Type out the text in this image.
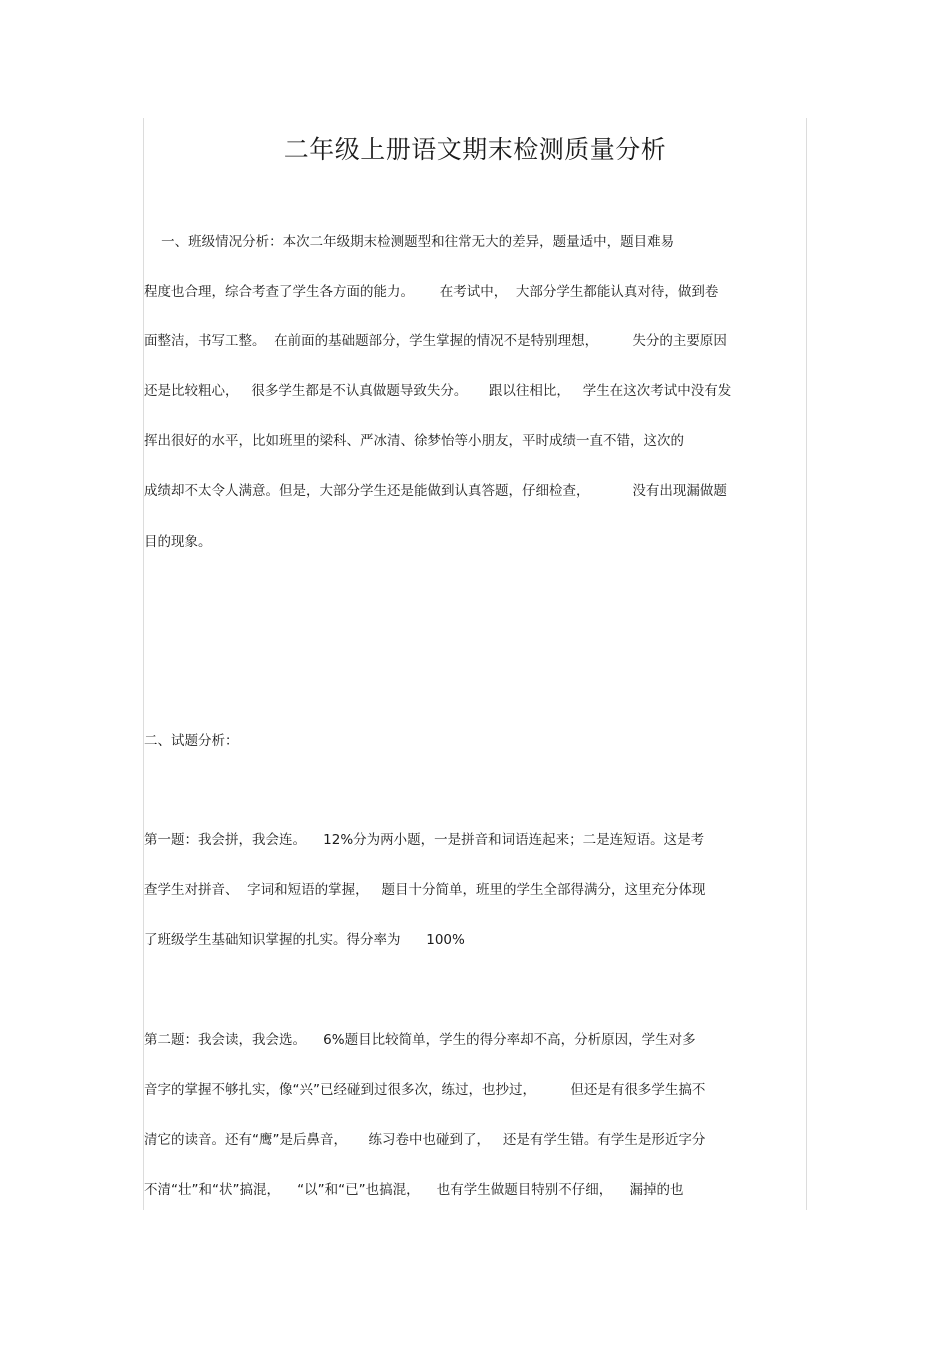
二年级上册语文期末检测质量分析
一、班级情况分析：本次二年级期末检测题型和往常无大的差异，题量适中，题目难易
程度也合理，综合考查了学生各方面的能力。      在考试中，  大部分学生都能认真对待，做到卷
面整洁，书写工整。  在前面的基础题部分，学生掌握的情况不是特别理想，        失分的主要原因
还是比较粗心，   很多学生都是不认真做题导致失分。     跟以往相比，   学生在这次考试中没有发
挥出很好的水平，比如班里的梁科、严冰清、徐梦怡等小朋友，平时成绩一直不错，这次的
成绩却不太令人满意。但是，大部分学生还是能做到认真答题，仔细检查，          没有出现漏做题
目的现象。
二、试题分析：
第一题：我会拼，我会连。    12%分为两小题，一是拼音和词语连起来；二是连短语。这是考
查学生对拼音、  字词和短语的掌握，   题目十分简单，班里的学生全部得满分，这里充分体现
了班级学生基础知识掌握的扎实。得分率为      100%
第二题：我会读，我会选。    6%题目比较简单，学生的得分率却不高，分析原因，学生对多
音字的掌握不够扎实，像“兴”已经碰到过很多次，练过，也抄过，        但还是有很多学生搞不
清它的读音。还有“鹰”是后鼻音，     练习卷中也碰到了，   还是有学生错。有学生是形近字分
不清“壮”和“状”搞混，    “以”和“已”也搞混，    也有学生做题目特别不仔细，    漏掉的也
